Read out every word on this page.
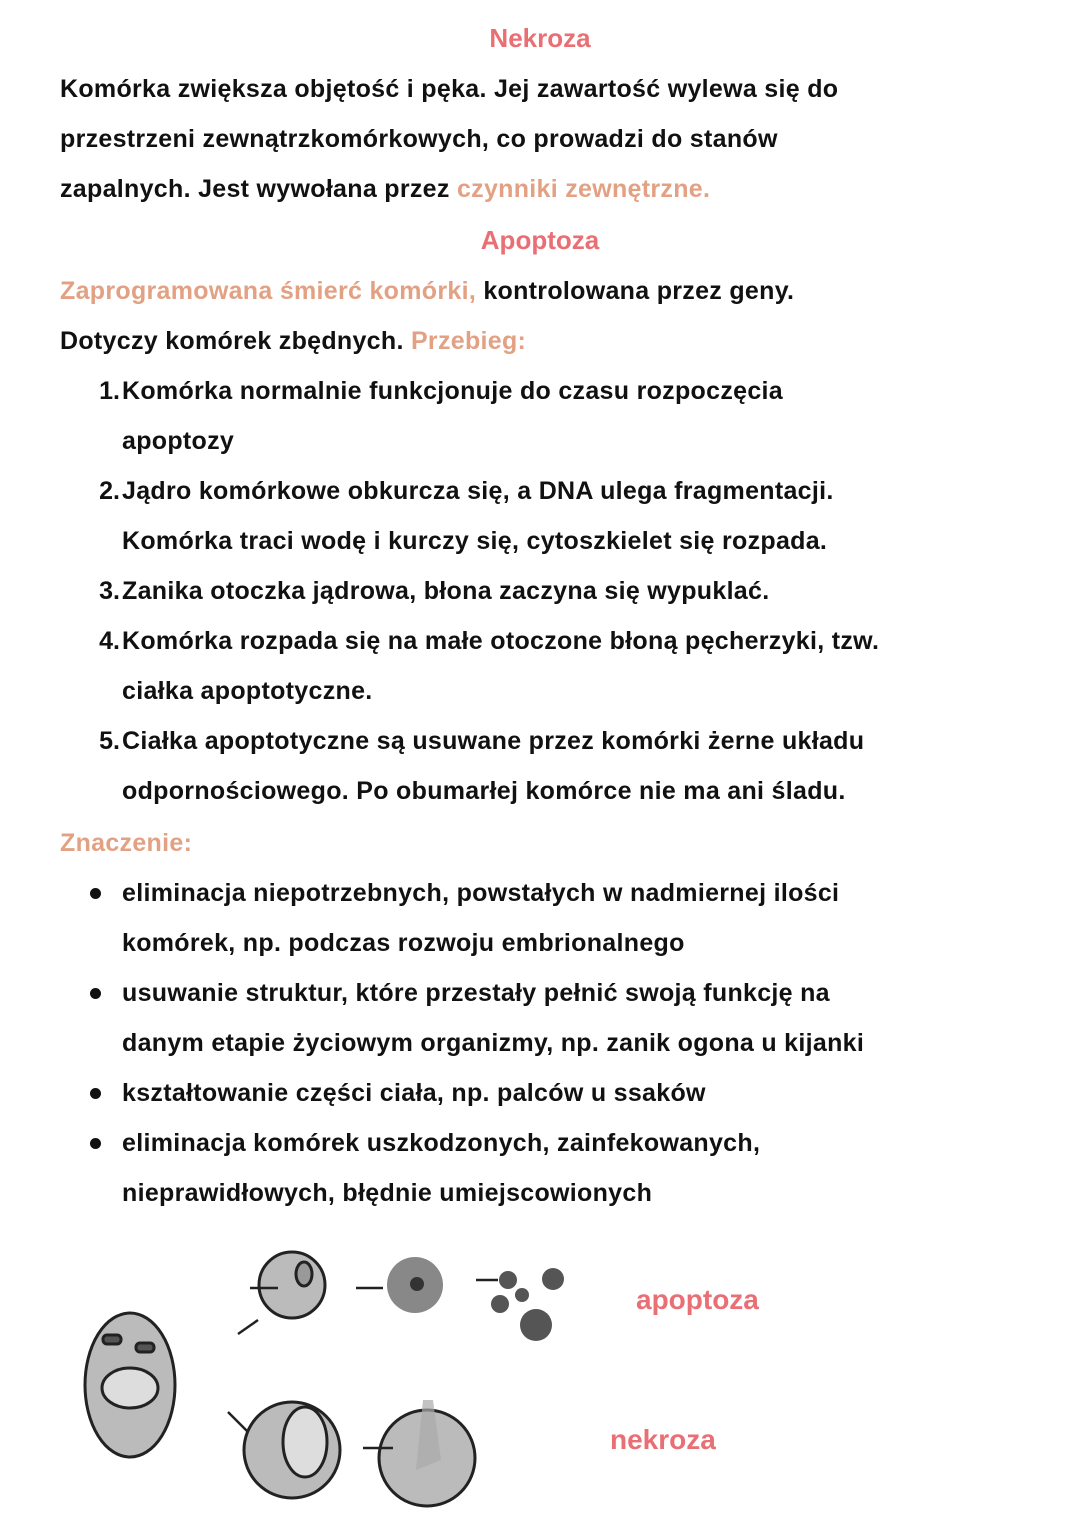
Nekroza
Komórka zwiększa objętość i pęka. Jej zawartość wylewa się do
przestrzeni zewnątrzkomórkowych, co prowadzi do stanów
zapalnych. Jest wywołana przez czynniki zewnętrzne.
Apoptoza
Zaprogramowana śmierć komórki, kontrolowana przez geny.
Dotyczy komórek zbędnych. Przebieg:
1. Komórka normalnie funkcjonuje do czasu rozpoczęcia
apoptozy
2. Jądro komórkowe obkurcza się, a DNA ulega fragmentacji.
Komórka traci wodę i kurczy się, cytoszkielet się rozpada.
3. Zanika otoczka jądrowa, błona zaczyna się wypuklać.
4. Komórka rozpada się na małe otoczone błoną pęcherzyki, tzw.
ciałka apoptotyczne.
5. Ciałka apoptotyczne są usuwane przez komórki żerne układu
odpornościowego. Po obumarłej komórce nie ma ani śladu.
Znaczenie:
eliminacja niepotrzebnych, powstałych w nadmiernej ilości
komórek, np. podczas rozwoju embrionalnego
usuwanie struktur, które przestały pełnić swoją funkcję na
danym etapie życiowym organizmy, np. zanik ogona u kijanki
kształtowanie części ciała, np. palców u ssaków
eliminacja komórek uszkodzonych, zainfekowanych,
nieprawidłowych, błędnie umiejscowionych
apoptoza
nekroza
